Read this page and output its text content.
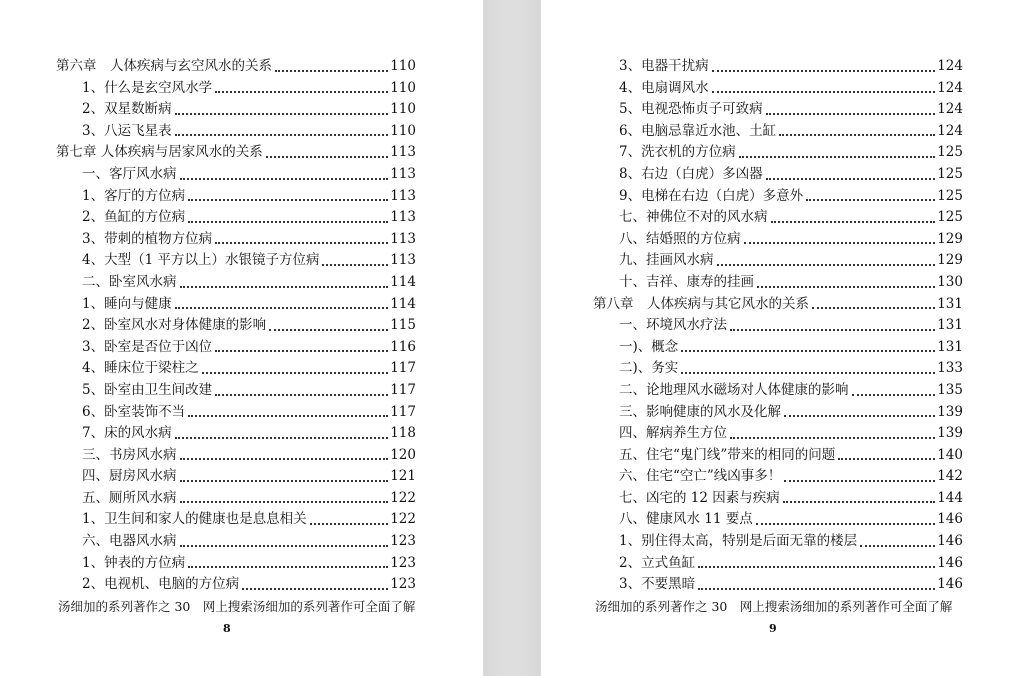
第六章　人体疾病与玄空风水的关系	110
1、什么是玄空风水学	110
2、双星数断病	110
3、八运飞星表	110
第七章 人体疾病与居家风水的关系	113
一、客厅风水病	113
1、客厅的方位病	113
2、鱼缸的方位病	113
3、带刺的植物方位病	113
4、大型（1 平方以上）水银镜子方位病	113
二、卧室风水病	114
1、睡向与健康	114
2、卧室风水对身体健康的影响	115
3、卧室是否位于凶位	116
4、睡床位于梁柱之	117
5、卧室由卫生间改建	117
6、卧室装饰不当	117
7、床的风水病	118
三、书房风水病	120
四、厨房风水病	121
五、厕所风水病	122
1、卫生间和家人的健康也是息息相关	122
六、电器风水病	123
1、钟表的方位病	123
2、电视机、电脑的方位病	123
汤细加的系列著作之 30　网上搜索汤细加的系列著作可全面了解
8
3、电器干扰病	124
4、电扇调风水	124
5、电视恐怖贞子可致病	124
6、电脑忌靠近水池、土缸	124
7、洗衣机的方位病	125
8、右边（白虎）多凶器	125
9、电梯在右边（白虎）多意外	125
七、神佛位不对的风水病	125
八、结婚照的方位病	129
九、挂画风水病	129
十、吉祥、康寿的挂画	130
第八章　人体疾病与其它风水的关系	131
一、环境风水疗法	131
一)、概念	131
二)、务实	133
二、论地理风水磁场对人体健康的影响	135
三、影响健康的风水及化解	139
四、解病养生方位	139
五、住宅“鬼门线”带来的相同的问题	140
六、住宅“空亡”线凶事多！	142
七、凶宅的 12 因素与疾病	144
八、健康风水 11 要点	146
1、别住得太高，特别是后面无靠的楼层	146
2、立式鱼缸	146
3、不要黑暗	146
汤细加的系列著作之 30　网上搜索汤细加的系列著作可全面了解
9
